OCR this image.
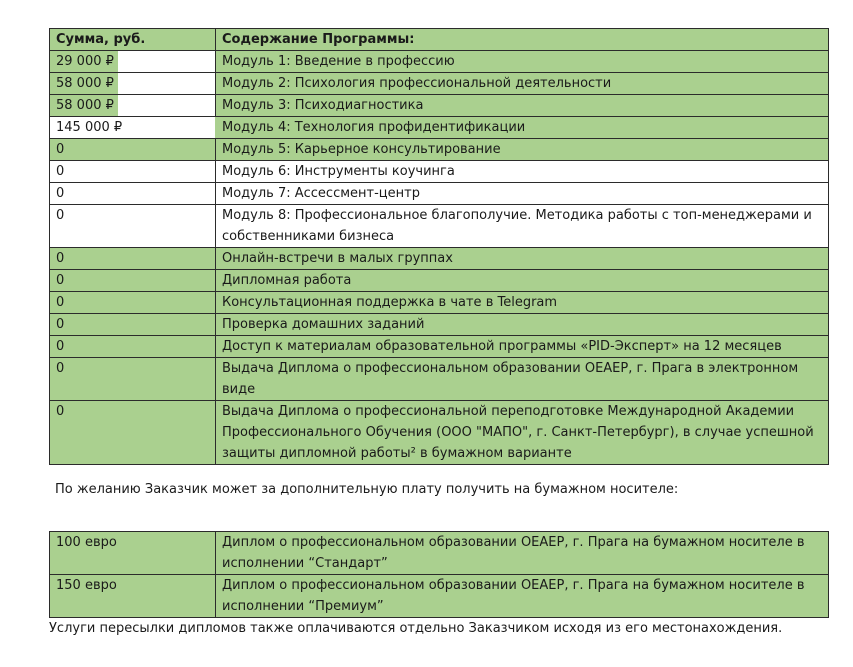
Сумма, руб.	Содержание Программы:
29 000 ₽	Модуль 1: Введение в профессию
58 000 ₽	Модуль 2: Психология профессиональной деятельности
58 000 ₽	Модуль 3: Психодиагностика
145 000 ₽	Модуль 4: Технология профидентификации
0	Модуль 5: Карьерное консультирование
0	Модуль 6: Инструменты коучинга
0	Модуль 7: Ассессмент-центр
0	Модуль 8: Профессиональное благополучие. Методика работы с топ-менеджерами и собственниками бизнеса
0	Онлайн-встречи в малых группах
0	Дипломная работа
0	Консультационная поддержка в чате в Telegram
0	Проверка домашних заданий
0	Доступ к материалам образовательной программы «PID-Эксперт» на 12 месяцев
0	Выдача Диплома о профессиональном образовании OEAEP, г. Прага в электронном виде
0	Выдача Диплома о профессиональной переподготовке Международной Академии Профессионального Обучения (ООО "МАПО", г. Санкт-Петербург), в случае успешной защиты дипломной работы² в бумажном варианте

По желанию Заказчик может за дополнительную плату получить на бумажном носителе:

100 евро	Диплом о профессиональном образовании OEAEP, г. Прага на бумажном носителе в исполнении “Стандарт”
150 евро	Диплом о профессиональном образовании OEAEP, г. Прага на бумажном носителе в исполнении “Премиум”

Услуги пересылки дипломов также оплачиваются отдельно Заказчиком исходя из его местонахождения.
